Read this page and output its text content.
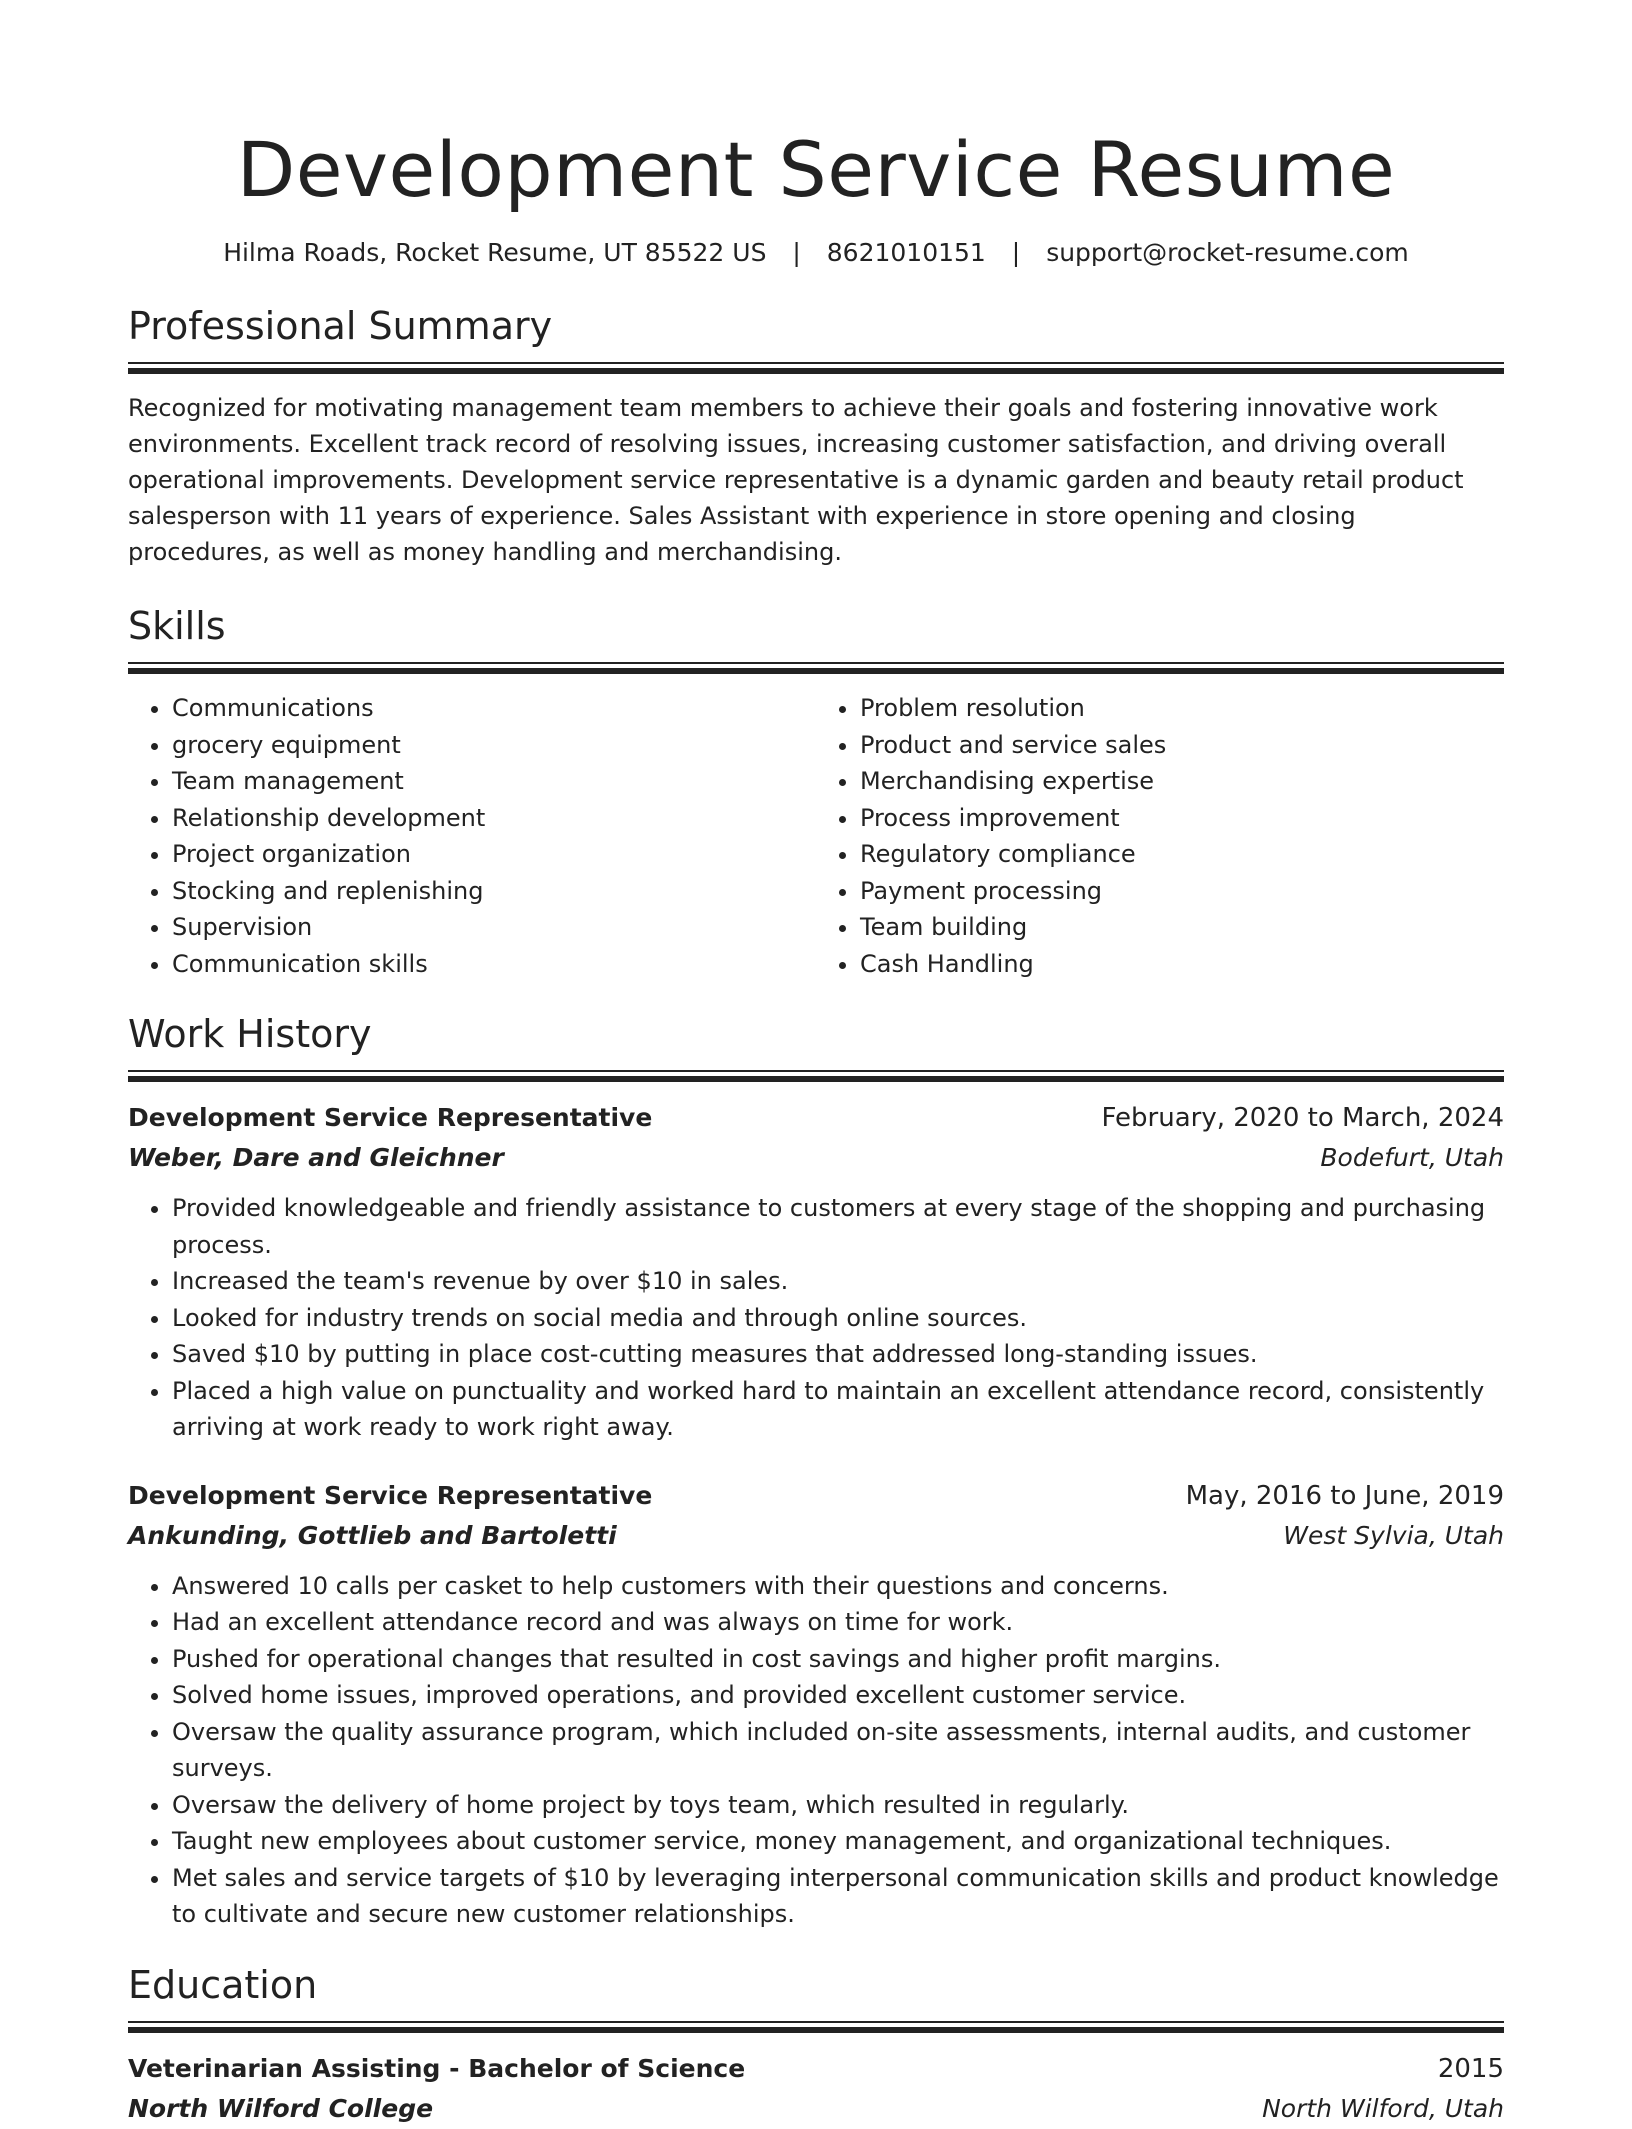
Development Service Resume
Hilma Roads, Rocket Resume, UT 85522 US | 8621010151 | support@rocket-resume.com
Professional Summary
Recognized for motivating management team members to achieve their goals and fostering innovative work environments. Excellent track record of resolving issues, increasing customer satisfaction, and driving overall operational improvements. Development service representative is a dynamic garden and beauty retail product salesperson with 11 years of experience. Sales Assistant with experience in store opening and closing procedures, as well as money handling and merchandising.
Skills
• Communications
• grocery equipment
• Team management
• Relationship development
• Project organization
• Stocking and replenishing
• Supervision
• Communication skills
• Problem resolution
• Product and service sales
• Merchandising expertise
• Process improvement
• Regulatory compliance
• Payment processing
• Team building
• Cash Handling
Work History
Development Service Representative	February, 2020 to March, 2024
Weber, Dare and Gleichner	Bodefurt, Utah
• Provided knowledgeable and friendly assistance to customers at every stage of the shopping and purchasing process.
• Increased the team's revenue by over $10 in sales.
• Looked for industry trends on social media and through online sources.
• Saved $10 by putting in place cost-cutting measures that addressed long-standing issues.
• Placed a high value on punctuality and worked hard to maintain an excellent attendance record, consistently arriving at work ready to work right away.
Development Service Representative	May, 2016 to June, 2019
Ankunding, Gottlieb and Bartoletti	West Sylvia, Utah
• Answered 10 calls per casket to help customers with their questions and concerns.
• Had an excellent attendance record and was always on time for work.
• Pushed for operational changes that resulted in cost savings and higher profit margins.
• Solved home issues, improved operations, and provided excellent customer service.
• Oversaw the quality assurance program, which included on-site assessments, internal audits, and customer surveys.
• Oversaw the delivery of home project by toys team, which resulted in regularly.
• Taught new employees about customer service, money management, and organizational techniques.
• Met sales and service targets of $10 by leveraging interpersonal communication skills and product knowledge to cultivate and secure new customer relationships.
Education
Veterinarian Assisting - Bachelor of Science	2015
North Wilford College	North Wilford, Utah
